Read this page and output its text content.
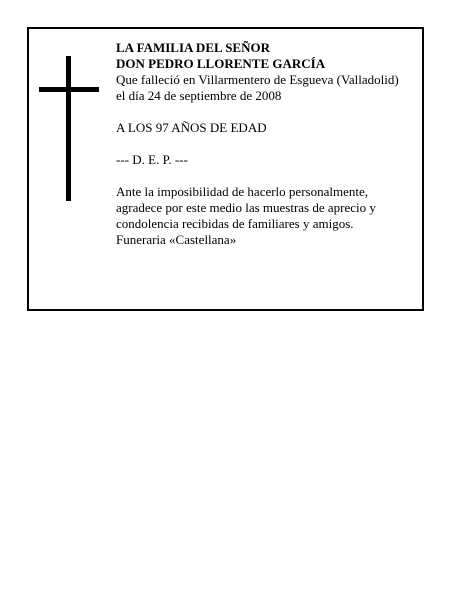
LA FAMILIA DEL SEÑOR
DON PEDRO LLORENTE GARCÍA
Que falleció en Villarmentero de Esgueva (Valladolid)
el día 24 de septiembre de 2008
A LOS 97 AÑOS DE EDAD
--- D. E. P. ---
Ante la imposibilidad de hacerlo personalmente,
agradece por este medio las muestras de aprecio y
condolencia recibidas de familiares y amigos.
Funeraria «Castellana»
